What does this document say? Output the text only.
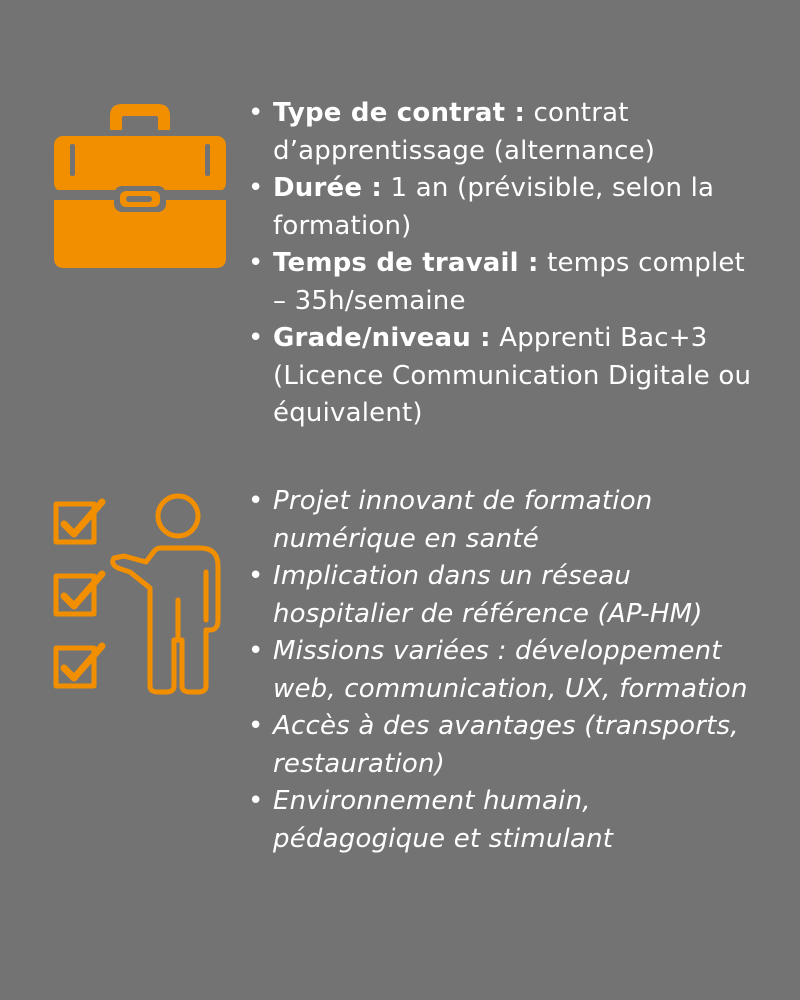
• Type de contrat : contrat d’apprentissage (alternance)
• Durée : 1 an (prévisible, selon la formation)
• Temps de travail : temps complet – 35h/semaine
• Grade/niveau : Apprenti Bac+3 (Licence Communication Digitale ou équivalent)
• Projet innovant de formation numérique en santé
• Implication dans un réseau hospitalier de référence (AP-HM)
• Missions variées : développement web, communication, UX, formation
• Accès à des avantages (transports, restauration)
• Environnement humain, pédagogique et stimulant
